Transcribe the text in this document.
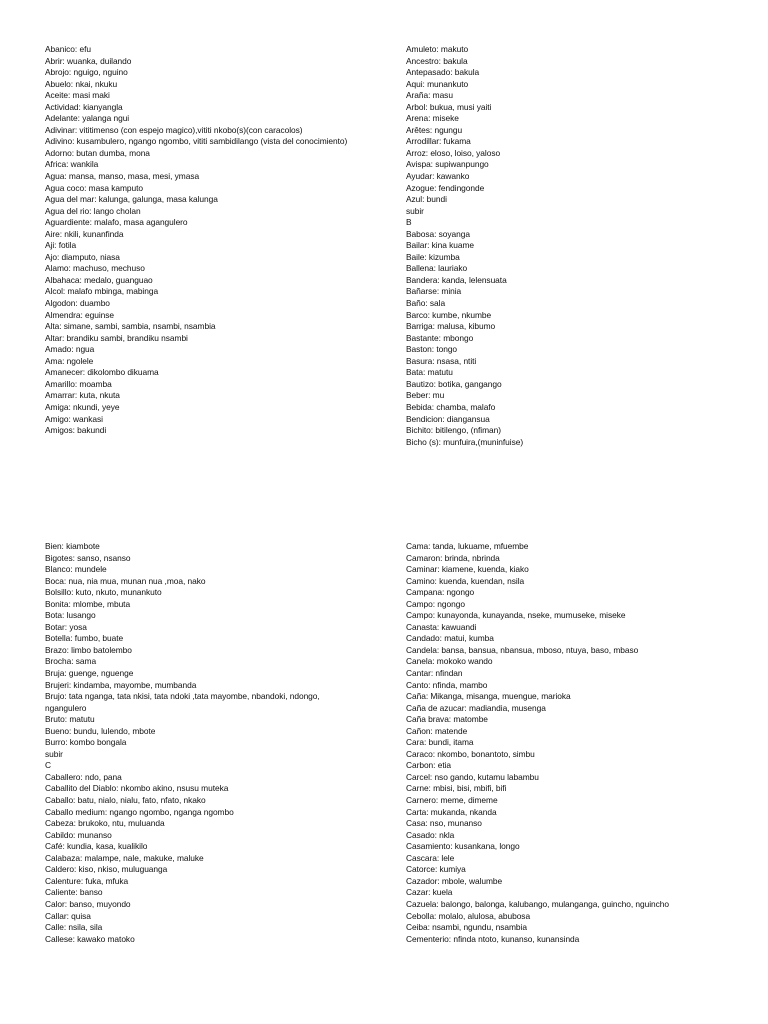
Abanico: efu
Abrir: wuanka, duilando
Abrojo: nguigo, nguino
Abuelo: nkai, nkuku
Aceite: masi maki
Actividad: kianyangla
Adelante: yalanga ngui
Adivinar: vititimenso (con espejo magico),vititi nkobo(s)(con caracolos)
Adivino: kusambulero, ngango ngombo, vititi sambidilango (vista del conocimiento)
Adorno: butan dumba, mona
Africa: wankila
Agua: mansa, manso, masa, mesi, ymasa
Agua coco: masa kamputo
Agua del mar: kalunga, galunga, masa kalunga
Agua del rio: lango cholan
Aguardiente: malafo, masa agangulero
Aire: nkili, kunanfinda
Aji: fotila
Ajo: diamputo, niasa
Alamo: machuso, mechuso
Albahaca: medalo, guanguao
Alcol: malafo mbinga, mabinga
Algodon: duambo
Almendra: eguinse
Alta: simane, sambi, sambia, nsambi, nsambia
Altar: brandiku sambi, brandiku nsambi
Amado: ngua
Ama: ngolele
Amanecer: dikolombo dikuama
Amarillo: moamba
Amarrar: kuta, nkuta
Amiga: nkundi, yeye
Amigo: wankasi
Amigos: bakundi
Amuleto: makuto
Ancestro: bakula
Antepasado: bakula
Aqui: munankuto
Araña: masu
Arbol: bukua, musi yaiti
Arena: miseke
Arêtes: ngungu
Arrodillar: fukama
Arroz: eloso, loiso, yaloso
Avispa: supiwanpungo
Ayudar: kawanko
Azogue: fendingonde
Azul: bundi
subir
B
Babosa: soyanga
Bailar: kina kuame
Baile: kizumba
Ballena: lauriako
Bandera: kanda, lelensuata
Bañarse: minia
Baño: sala
Barco: kumbe, nkumbe
Barriga: malusa, kibumo
Bastante: mbongo
Baston: tongo
Basura: nsasa, ntiti
Bata: matutu
Bautizo: botika, gangango
Beber: mu
Bebida: chamba, malafo
Bendicion: diangansua
Bichito: bitilengo, (nfiman)
Bicho (s): munfuira,(muninfuise)
Bien: kiambote
Bigotes: sanso, nsanso
Blanco: mundele
Boca: nua, nia mua, munan nua ,moa, nako
Bolsillo: kuto, nkuto, munankuto
Bonita: mlombe, mbuta
Bota: lusango
Botar: yosa
Botella: fumbo, buate
Brazo: limbo batolembo
Brocha: sama
Bruja: guenge, nguenge
Brujeri: kindamba, mayombe, mumbanda
Brujo: tata nganga, tata nkisi, tata ndoki ,tata mayombe, nbandoki, ndongo, ngangulero
Bruto: matutu
Bueno: bundu, lulendo, mbote
Burro: kombo bongala
subir
C
Caballero: ndo, pana
Caballito del Diablo: nkombo akino, nsusu muteka
Caballo: batu, nialo, nialu, fato, nfato, nkako
Caballo medium: ngango ngombo, nganga ngombo
Cabeza: brukoko, ntu, muluanda
Cabildo: munanso
Café: kundia, kasa, kualikilo
Calabaza: malampe, nale, makuke, maluke
Caldero: kiso, nkiso, muluguanga
Calenture: fuka, mfuka
Caliente: banso
Calor: banso, muyondo
Callar: quisa
Calle: nsila, sila
Callese: kawako matoko
Cama: tanda, lukuame, mfuembe
Camaron: brinda, nbrinda
Caminar: kiamene, kuenda, kiako
Camino: kuenda, kuendan, nsila
Campana: ngongo
Campo: ngongo
Campo: kunayonda, kunayanda, nseke, mumuseke, miseke
Canasta: kawuandi
Candado: matui, kumba
Candela: bansa, bansua, nbansua, mboso, ntuya, baso, mbaso
Canela: mokoko wando
Cantar: nfindan
Canto: nfinda, mambo
Caña: Mikanga, misanga, muengue, marioka
Caña de azucar: madiandia, musenga
Caña brava: matombe
Cañon: matende
Cara: bundi, itama
Caraco: nkombo, bonantoto, simbu
Carbon: etia
Carcel: nso gando, kutamu labambu
Carne: mbisi, bisi, mbifi, bifi
Carnero: meme, dimeme
Carta: mukanda, nkanda
Casa: nso, munanso
Casado: nkla
Casamiento: kusankana, longo
Cascara: lele
Catorce: kumiya
Cazador: mbole, walumbe
Cazar: kuela
Cazuela: balongo, balonga, kalubango, mulanganga, guincho, nguincho
Cebolla: molalo, alulosa, abubosa
Ceiba: nsambi, ngundu, nsambia
Cementerio: nfinda ntoto, kunanso, kunansinda
